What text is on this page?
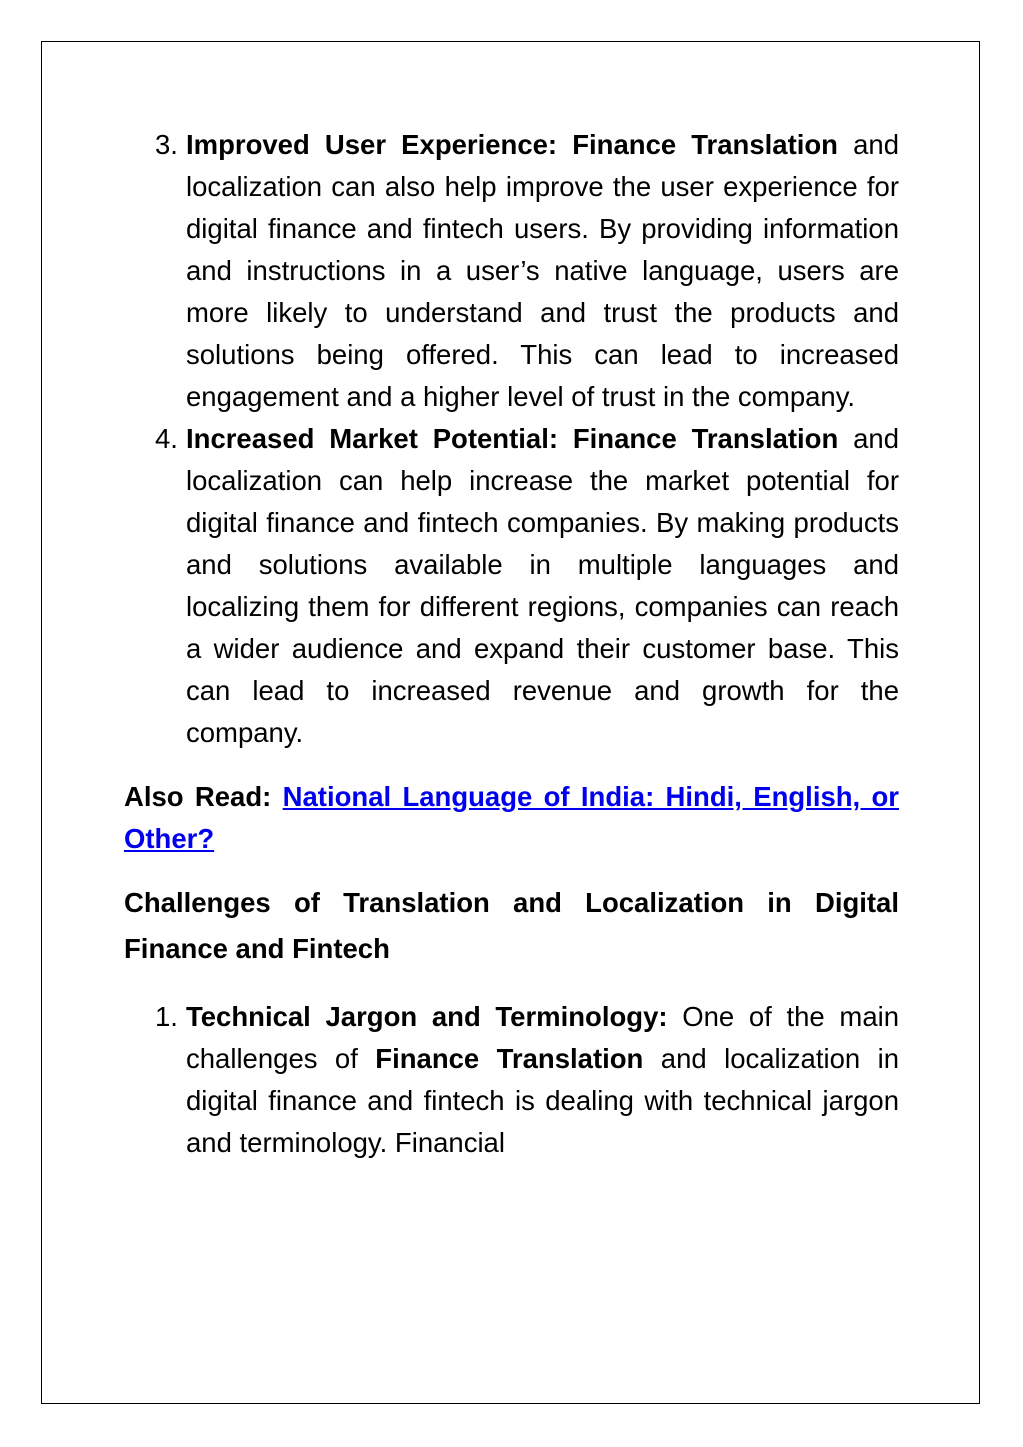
3. Improved User Experience: Finance Translation and localization can also help improve the user experience for digital finance and fintech users. By providing information and instructions in a user’s native language, users are more likely to understand and trust the products and solutions being offered. This can lead to increased engagement and a higher level of trust in the company.
4. Increased Market Potential: Finance Translation and localization can help increase the market potential for digital finance and fintech companies. By making products and solutions available in multiple languages and localizing them for different regions, companies can reach a wider audience and expand their customer base. This can lead to increased revenue and growth for the company.
Also Read: National Language of India: Hindi, English, or Other?
Challenges of Translation and Localization in Digital Finance and Fintech
1. Technical Jargon and Terminology: One of the main challenges of Finance Translation and localization in digital finance and fintech is dealing with technical jargon and terminology. Financial
